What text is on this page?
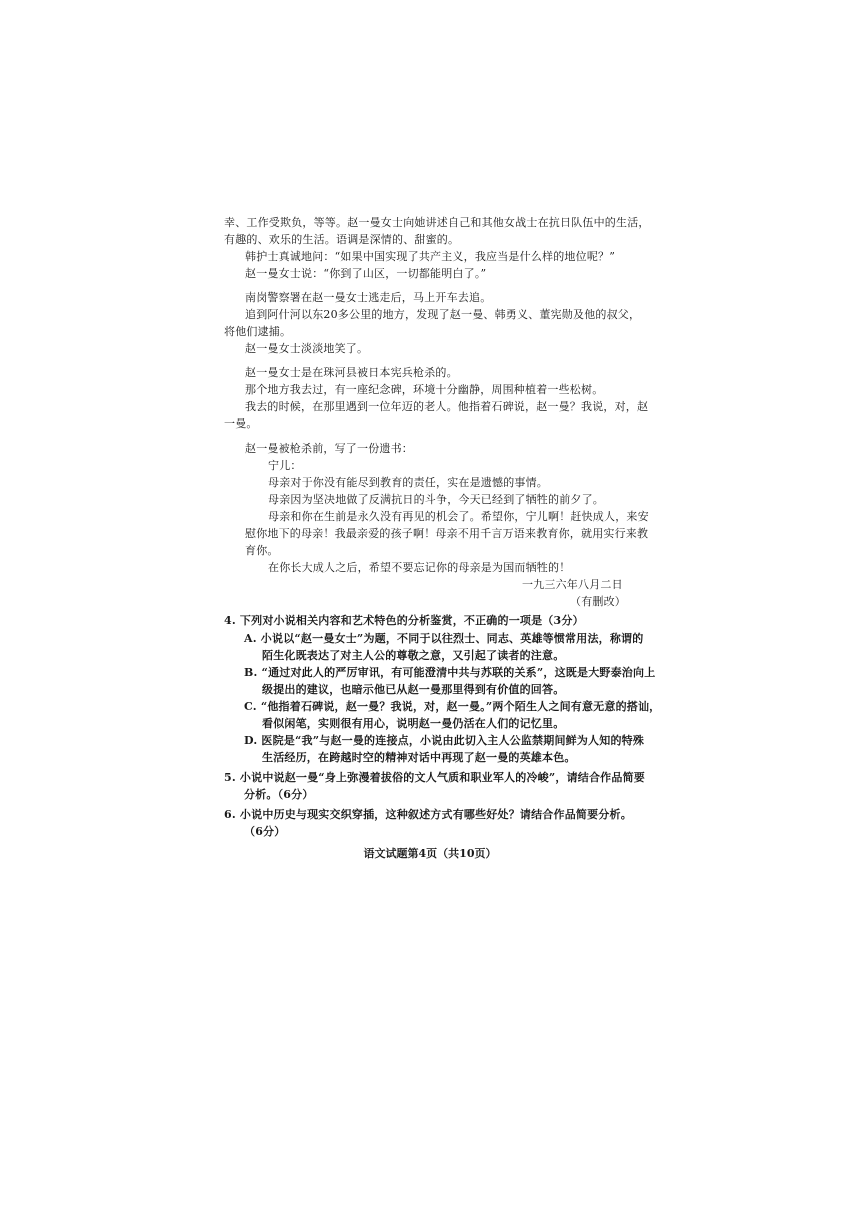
幸、工作受欺负，等等。赵一曼女士向她讲述自己和其他女战士在抗日队伍中的生活，
有趣的、欢乐的生活。语调是深情的、甜蜜的。
韩护士真诚地问：“如果中国实现了共产主义，我应当是什么样的地位呢？”
赵一曼女士说：“你到了山区，一切都能明白了。”
南岗警察署在赵一曼女士逃走后，马上开车去追。
追到阿什河以东20多公里的地方，发现了赵一曼、韩勇义、董宪勋及他的叔父，
将他们逮捕。
赵一曼女士淡淡地笑了。
赵一曼女士是在珠河县被日本宪兵枪杀的。
那个地方我去过，有一座纪念碑，环境十分幽静，周围种植着一些松树。
我去的时候，在那里遇到一位年迈的老人。他指着石碑说，赵一曼？我说，对，赵
一曼。
赵一曼被枪杀前，写了一份遗书：
宁儿：
母亲对于你没有能尽到教育的责任，实在是遗憾的事情。
母亲因为坚决地做了反满抗日的斗争，今天已经到了牺牲的前夕了。
母亲和你在生前是永久没有再见的机会了。希望你，宁儿啊！赶快成人，来安
慰你地下的母亲！我最亲爱的孩子啊！母亲不用千言万语来教育你，就用实行来教
育你。
在你长大成人之后，希望不要忘记你的母亲是为国而牺牲的！
一九三六年八月二日
（有删改）
4. 下列对小说相关内容和艺术特色的分析鉴赏，不正确的一项是（3分）
A. 小说以“赵一曼女士”为题，不同于以往烈士、同志、英雄等惯常用法，称谓的
陌生化既表达了对主人公的尊敬之意，又引起了读者的注意。
B. “通过对此人的严厉审讯，有可能澄清中共与苏联的关系”，这既是大野泰治向上
级提出的建议，也暗示他已从赵一曼那里得到有价值的回答。
C. “他指着石碑说，赵一曼？我说，对，赵一曼。”两个陌生人之间有意无意的搭讪，
看似闲笔，实则很有用心，说明赵一曼仍活在人们的记忆里。
D. 医院是“我”与赵一曼的连接点，小说由此切入主人公监禁期间鲜为人知的特殊
生活经历，在跨越时空的精神对话中再现了赵一曼的英雄本色。
5. 小说中说赵一曼“身上弥漫着拔俗的文人气质和职业军人的冷峻”，请结合作品简要
分析。（6分）
6. 小说中历史与现实交织穿插，这种叙述方式有哪些好处？请结合作品简要分析。
（6分）
语文试题第4页（共10页）
